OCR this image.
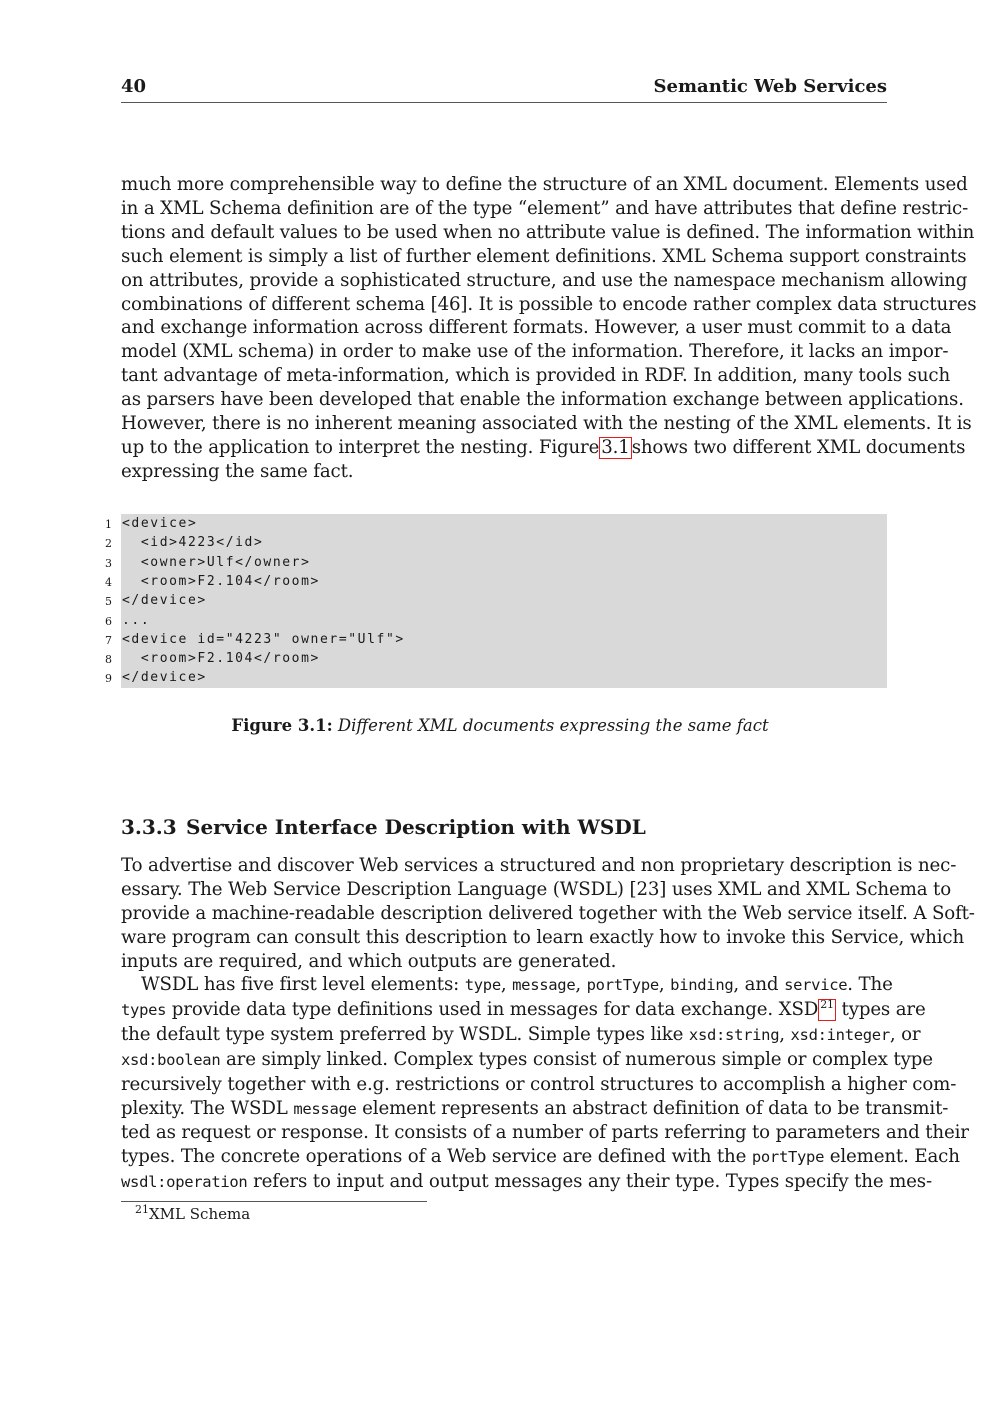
40	Semantic Web Services
much more comprehensible way to define the structure of an XML document. Elements used
in a XML Schema definition are of the type “element” and have attributes that define restric-
tions and default values to be used when no attribute value is defined. The information within
such element is simply a list of further element definitions. XML Schema support constraints
on attributes, provide a sophisticated structure, and use the namespace mechanism allowing
combinations of different schema [46]. It is possible to encode rather complex data structures
and exchange information across different formats. However, a user must commit to a data
model (XML schema) in order to make use of the information. Therefore, it lacks an impor-
tant advantage of meta-information, which is provided in RDF. In addition, many tools such
as parsers have been developed that enable the information exchange between applications.
However, there is no inherent meaning associated with the nesting of the XML elements. It is
up to the application to interpret the nesting. Figure 3.1 shows two different XML documents
expressing the same fact.
1 <device>
2 <id>4223</id>
3 <owner>Ulf</owner>
4 <room>F2.104</room>
5 </device>
6 ...
7 <device id="4223" owner="Ulf">
8 <room>F2.104</room>
9 </device>
Figure 3.1: Different XML documents expressing the same fact
3.3.3 Service Interface Description with WSDL
To advertise and discover Web services a structured and non proprietary description is nec-
essary. The Web Service Description Language (WSDL) [23] uses XML and XML Schema to
provide a machine-readable description delivered together with the Web service itself. A Soft-
ware program can consult this description to learn exactly how to invoke this Service, which
inputs are required, and which outputs are generated.
WSDL has five first level elements: type, message, portType, binding, and service. The
types provide data type definitions used in messages for data exchange. XSD $^{21}$ types are
the default type system preferred by WSDL. Simple types like xsd:string, xsd:integer, or
xsd:boolean are simply linked. Complex types consist of numerous simple or complex type
recursively together with e.g. restrictions or control structures to accomplish a higher com-
plexity. The WSDL message element represents an abstract definition of data to be transmit-
ted as request or response. It consists of a number of parts referring to parameters and their
types. The concrete operations of a Web service are defined with the portType element. Each
wsdl:operation refers to input and output messages any their type. Types specify the mes-
$^{21}$XML Schema
